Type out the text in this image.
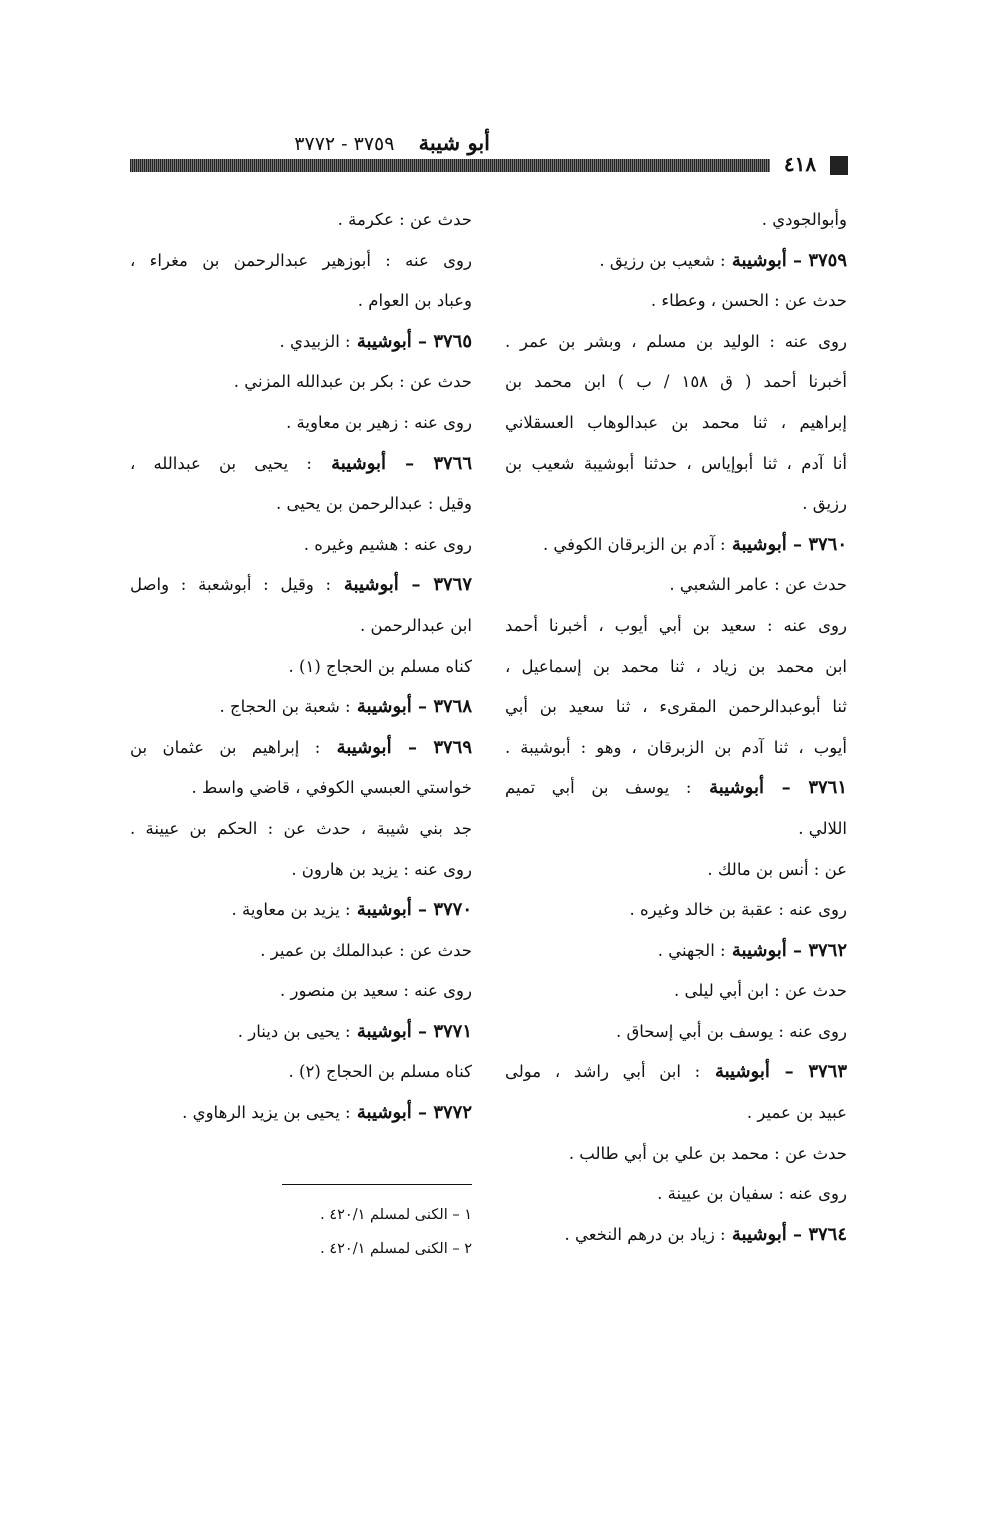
أبو شيبة    ٣٧٥٩ - ٣٧٧٢
٤١٨
وأبوالجودي .
٣٧٥٩ – أبوشيبة : شعيب بن رزيق .
حدث عن : الحسن ، وعطاء .
روى عنه : الوليد بن مسلم ، وبشر بن عمر .
أخبرنا أحمد ( ق ١٥٨ / ب ) ابن محمد بن
إبراهيم ، ثنا محمد بن عبدالوهاب العسقلاني
أنا آدم ، ثنا أبوإياس ، حدثنا أبوشيبة شعيب بن
رزيق .
٣٧٦٠ – أبوشيبة : آدم بن الزبرقان الكوفي .
حدث عن : عامر الشعبي .
روى عنه : سعيد بن أبي أيوب ، أخبرنا أحمد
ابن محمد بن زياد ، ثنا محمد بن إسماعيل ،
ثنا أبوعبدالرحمن المقرىء ، ثنا سعيد بن أبي
أيوب ، ثنا آدم بن الزبرقان ، وهو : أبوشيبة .
٣٧٦١ – أبوشيبة : يوسف بن أبي تميم
اللالي .
عن : أنس بن مالك .
روى عنه : عقبة بن خالد وغيره .
٣٧٦٢ – أبوشيبة : الجهني .
حدث عن : ابن أبي ليلى .
روى عنه : يوسف بن أبي إسحاق .
٣٧٦٣ – أبوشيبة : ابن أبي راشد ، مولى
عبيد بن عمير .
حدث عن : محمد بن علي بن أبي طالب .
روى عنه : سفيان بن عيينة .
٣٧٦٤ – أبوشيبة : زياد بن درهم النخعي .
حدث عن : عكرمة .
روى عنه : أبوزهير عبدالرحمن بن مغراء ،
وعباد بن العوام .
٣٧٦٥ – أبوشيبة : الزبيدي .
حدث عن : بكر بن عبدالله المزني .
روى عنه : زهير بن معاوية .
٣٧٦٦ – أبوشيبة : يحيى بن عبدالله ،
وقيل : عبدالرحمن بن يحيى .
روى عنه : هشيم وغيره .
٣٧٦٧ – أبوشيبة : وقيل : أبوشعبة : واصل
ابن عبدالرحمن .
كناه مسلم بن الحجاج (١) .
٣٧٦٨ – أبوشيبة : شعبة بن الحجاج .
٣٧٦٩ – أبوشيبة : إبراهيم بن عثمان بن
خواستي العبسي الكوفي ، قاضي واسط .
جد بني شيبة ، حدث عن : الحكم بن عيينة .
روى عنه : يزيد بن هارون .
٣٧٧٠ – أبوشيبة : يزيد بن معاوية .
حدث عن : عبدالملك بن عمير .
روى عنه : سعيد بن منصور .
٣٧٧١ – أبوشيبة : يحيى بن دينار .
كناه مسلم بن الحجاج (٢) .
٣٧٧٢ – أبوشيبة : يحيى بن يزيد الرهاوي .
١ – الكنى لمسلم ٤٢٠/١ .
٢ – الكنى لمسلم ٤٢٠/١ .
